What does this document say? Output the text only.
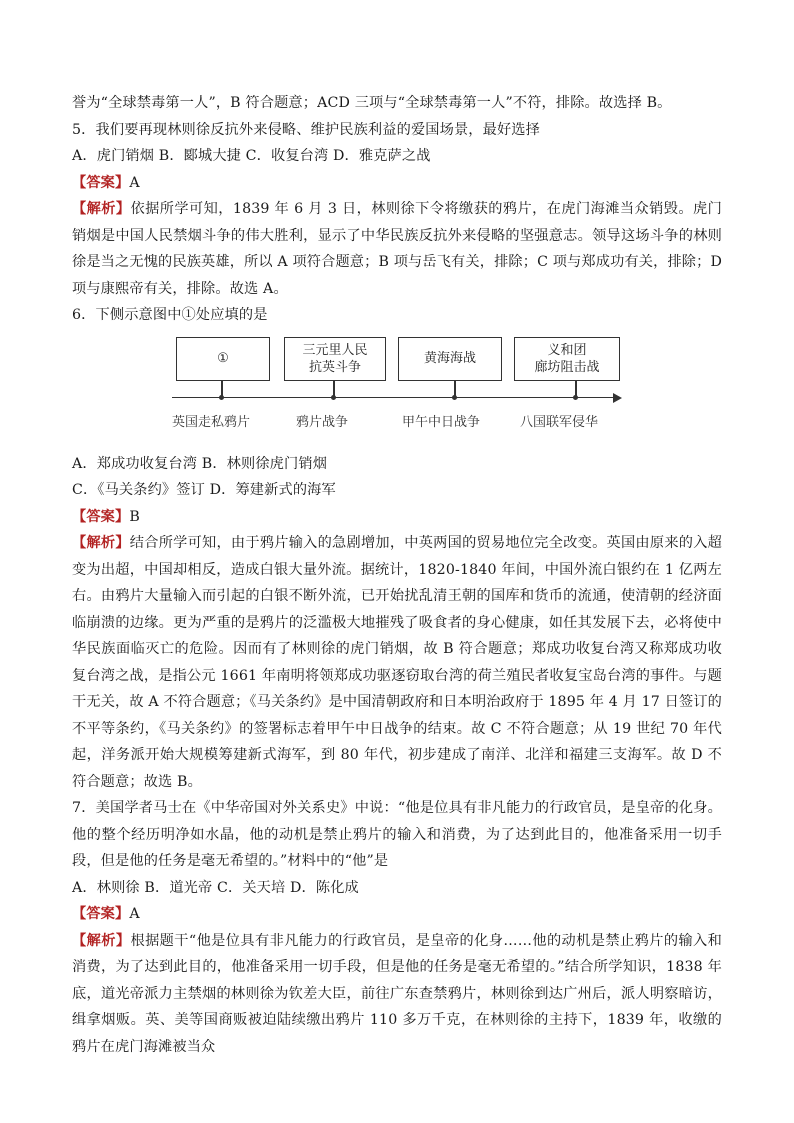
誉为“全球禁毒第一人”，B 符合题意；ACD 三项与“全球禁毒第一人”不符，排除。故选择 B。
5．我们要再现林则徐反抗外来侵略、维护民族利益的爱国场景，最好选择
A．虎门销烟 B．郾城大捷 C．收复台湾 D．雅克萨之战
【答案】A
【解析】依据所学可知，1839 年 6 月 3 日，林则徐下令将缴获的鸦片，在虎门海滩当众销毁。虎门销烟是中国人民禁烟斗争的伟大胜利，显示了中华民族反抗外来侵略的坚强意志。领导这场斗争的林则徐是当之无愧的民族英雄，所以 A 项符合题意；B 项与岳飞有关，排除；C 项与郑成功有关，排除；D 项与康熙帝有关，排除。故选 A。
6．下侧示意图中①处应填的是
①
三元里人民
抗英斗争
黄海海战
义和团
廊坊阻击战
英国走私鸦片	鸦片战争	甲午中日战争	八国联军侵华
A．郑成功收复台湾 B．林则徐虎门销烟
C．《马关条约》签订 D．筹建新式的海军
【答案】B
【解析】结合所学可知，由于鸦片输入的急剧增加，中英两国的贸易地位完全改变。英国由原来的入超变为出超，中国却相反，造成白银大量外流。据统计，1820-1840 年间，中国外流白银约在 1 亿两左右。由鸦片大量输入而引起的白银不断外流，已开始扰乱清王朝的国库和货币的流通，使清朝的经济面临崩溃的边缘。更为严重的是鸦片的泛滥极大地摧残了吸食者的身心健康，如任其发展下去，必将使中华民族面临灭亡的危险。因而有了林则徐的虎门销烟，故 B 符合题意；郑成功收复台湾又称郑成功收复台湾之战，是指公元 1661 年南明将领郑成功驱逐窃取台湾的荷兰殖民者收复宝岛台湾的事件。与题干无关，故 A 不符合题意；《马关条约》是中国清朝政府和日本明治政府于 1895 年 4 月 17 日签订的不平等条约，《马关条约》的签署标志着甲午中日战争的结束。故 C 不符合题意；从 19 世纪 70 年代起，洋务派开始大规模筹建新式海军，到 80 年代，初步建成了南洋、北洋和福建三支海军。故 D 不符合题意；故选 B。
7．美国学者马士在《中华帝国对外关系史》中说：“他是位具有非凡能力的行政官员，是皇帝的化身。他的整个经历明净如水晶，他的动机是禁止鸦片的输入和消费，为了达到此目的，他准备采用一切手段，但是他的任务是毫无希望的。”材料中的“他”是
A．林则徐 B．道光帝 C．关天培 D．陈化成
【答案】A
【解析】根据题干“他是位具有非凡能力的行政官员，是皇帝的化身……他的动机是禁止鸦片的输入和消费，为了达到此目的，他准备采用一切手段，但是他的任务是毫无希望的。”结合所学知识，1838 年底，道光帝派力主禁烟的林则徐为钦差大臣，前往广东查禁鸦片，林则徐到达广州后，派人明察暗访，缉拿烟贩。英、美等国商贩被迫陆续缴出鸦片 110 多万千克，在林则徐的主持下，1839 年，收缴的鸦片在虎门海滩被当众
